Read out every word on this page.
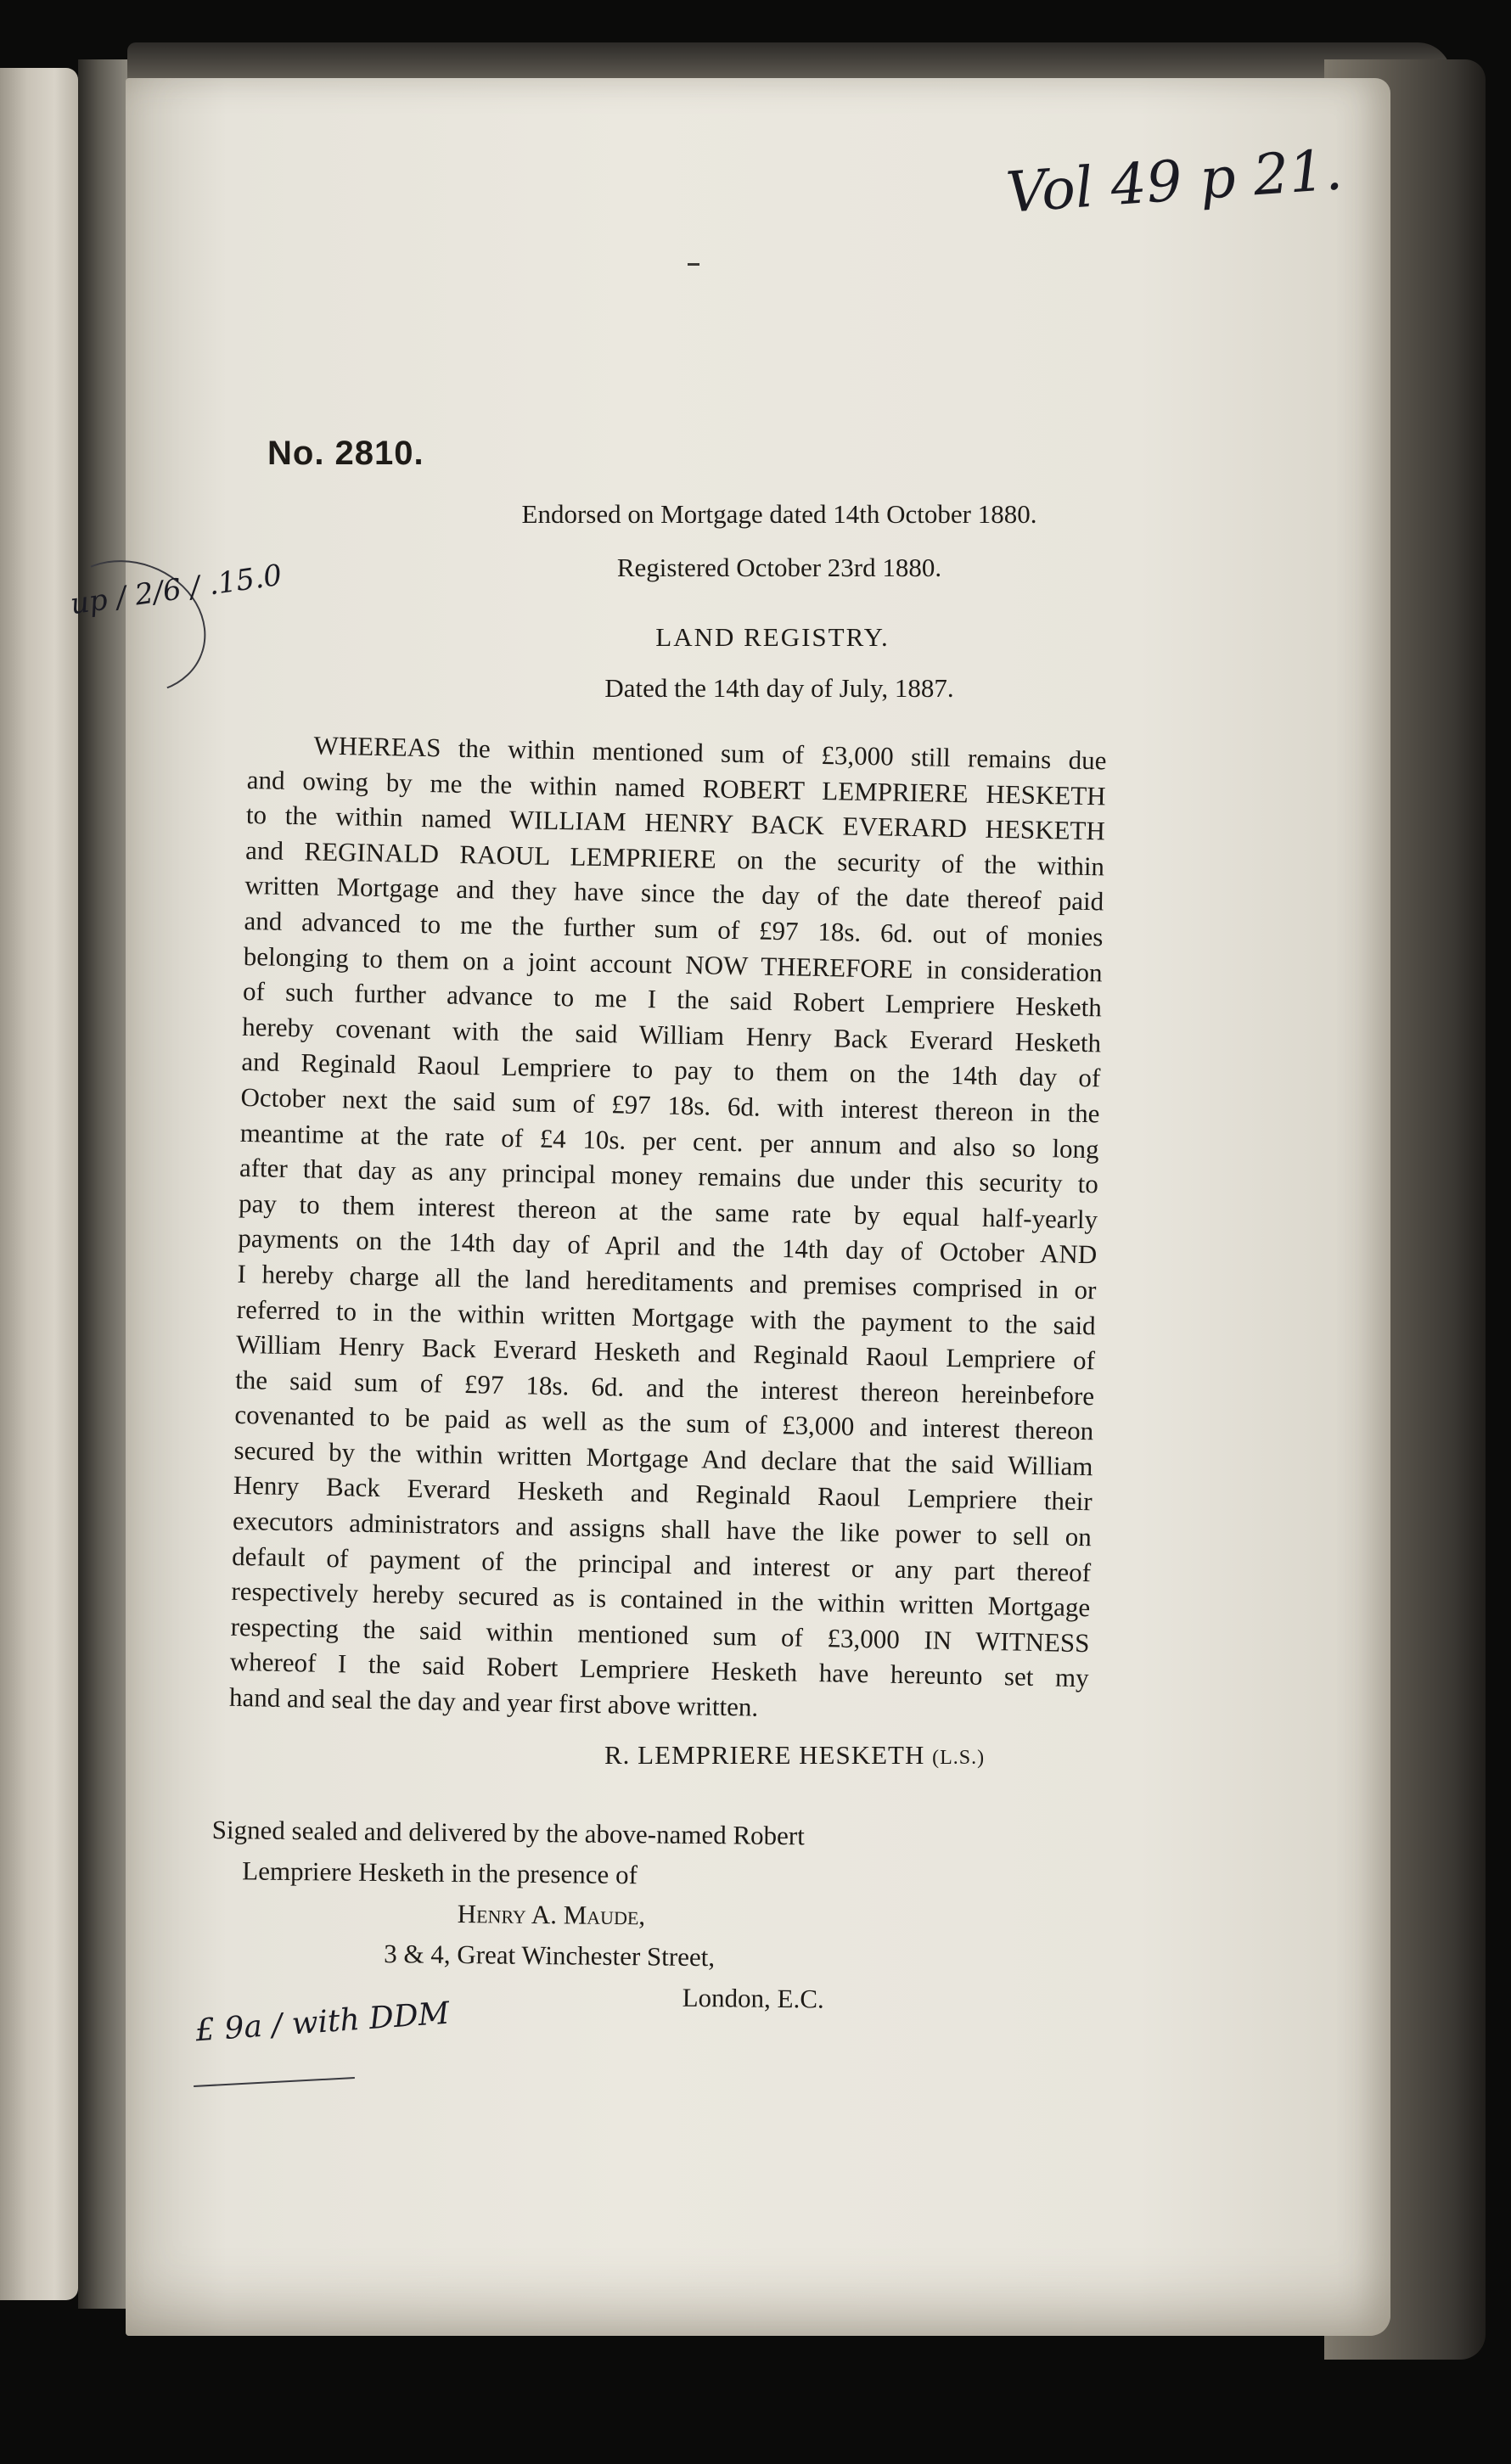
Vol 49 p 21.
up / 2/6 / .15.0
No. 2810.
Endorsed on Mortgage dated 14th October 1880.
Registered October 23rd 1880.
LAND REGISTRY.
Dated the 14th day of July, 1887.
WHEREAS the within mentioned sum of £3,000 still remains due
and owing by me the within named ROBERT LEMPRIERE HESKETH
to the within named WILLIAM HENRY BACK EVERARD HESKETH
and REGINALD RAOUL LEMPRIERE on the security of the within
written Mortgage and they have since the day of the date thereof paid
and advanced to me the further sum of £97 18s. 6d. out of monies
belonging to them on a joint account NOW THEREFORE in consideration
of such further advance to me I the said Robert Lempriere Hesketh
hereby covenant with the said William Henry Back Everard Hesketh
and Reginald Raoul Lempriere to pay to them on the 14th day of
October next the said sum of £97 18s. 6d. with interest thereon in the
meantime at the rate of £4 10s. per cent. per annum and also so long
after that day as any principal money remains due under this security to
pay to them interest thereon at the same rate by equal half-yearly
payments on the 14th day of April and the 14th day of October AND
I hereby charge all the land hereditaments and premises comprised in or
referred to in the within written Mortgage with the payment to the said
William Henry Back Everard Hesketh and Reginald Raoul Lempriere of
the said sum of £97 18s. 6d. and the interest thereon hereinbefore
covenanted to be paid as well as the sum of £3,000 and interest thereon
secured by the within written Mortgage And declare that the said William
Henry Back Everard Hesketh and Reginald Raoul Lempriere their
executors administrators and assigns shall have the like power to sell on
default of payment of the principal and interest or any part thereof
respectively hereby secured as is contained in the within written Mortgage
respecting the said within mentioned sum of £3,000 IN WITNESS
whereof I the said Robert Lempriere Hesketh have hereunto set my
hand and seal the day and year first above written.
R. LEMPRIERE HESKETH (L.S.)
Signed sealed and delivered by the above-named Robert
Lempriere Hesketh in the presence of
Henry A. Maude,
3 & 4, Great Winchester Street,
London, E.C.
£ 9a / with DDM
